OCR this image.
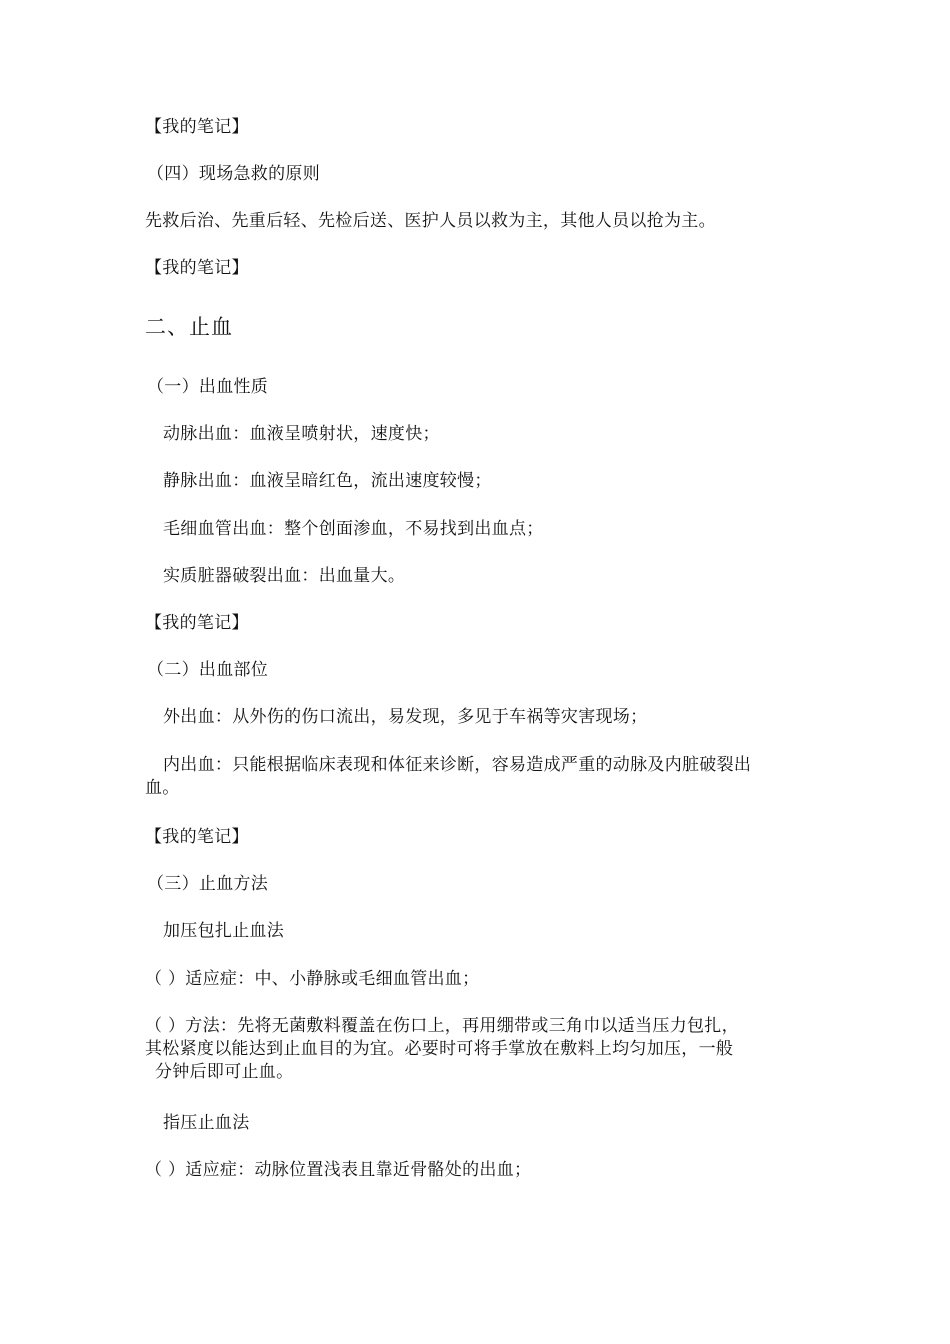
【我的笔记】
（四）现场急救的原则
先救后治、先重后轻、先检后送、医护人员以救为主，其他人员以抢为主。
【我的笔记】
二、止血
（一）出血性质
动脉出血：血液呈喷射状，速度快；
静脉出血：血液呈暗红色，流出速度较慢；
毛细血管出血：整个创面渗血，不易找到出血点；
实质脏器破裂出血：出血量大。
【我的笔记】
（二）出血部位
外出血：从外伤的伤口流出，易发现，多见于车祸等灾害现场；
内出血：只能根据临床表现和体征来诊断，容易造成严重的动脉及内脏破裂出
血。
【我的笔记】
（三）止血方法
加压包扎止血法
（ ）适应症：中、小静脉或毛细血管出血；
（ ）方法：先将无菌敷料覆盖在伤口上，再用绷带或三角巾以适当压力包扎，
其松紧度以能达到止血目的为宜。必要时可将手掌放在敷料上均匀加压，一般
分钟后即可止血。
指压止血法
（ ）适应症：动脉位置浅表且靠近骨骼处的出血；
